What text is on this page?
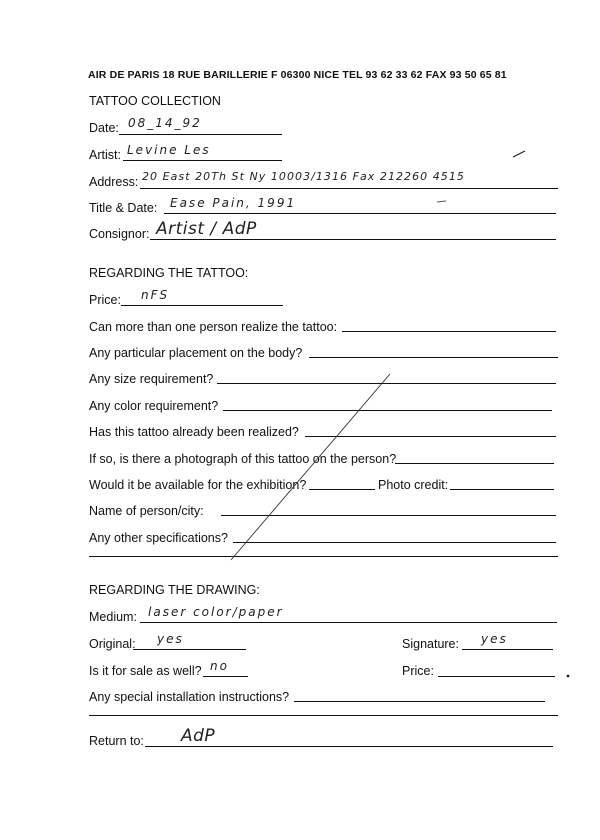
AIR DE PARIS 18 RUE BARILLERIE F 06300 NICE TEL 93 62 33 62 FAX 93 50 65 81
TATTOO COLLECTION
Date: 08_14_92
Artist: Levine Les
Address: 20 East 20Th St Ny 10003/1316 Fax 212260 4515
Title & Date: Ease Pain, 1991
Consignor: Artist / AdP
REGARDING THE TATTOO:
Price: nFS
Can more than one person realize the tattoo:
Any particular placement on the body?
Any size requirement?
Any color requirement?
Has this tattoo already been realized?
If so, is there a photograph of this tattoo on the person?
Would it be available for the exhibition?	Photo credit:
Name of person/city:
Any other specifications?
REGARDING THE DRAWING:
Medium: laser color/paper
Original: yes	Signature: yes
Is it for sale as well? no	Price:
Any special installation instructions?
Return to: AdP
